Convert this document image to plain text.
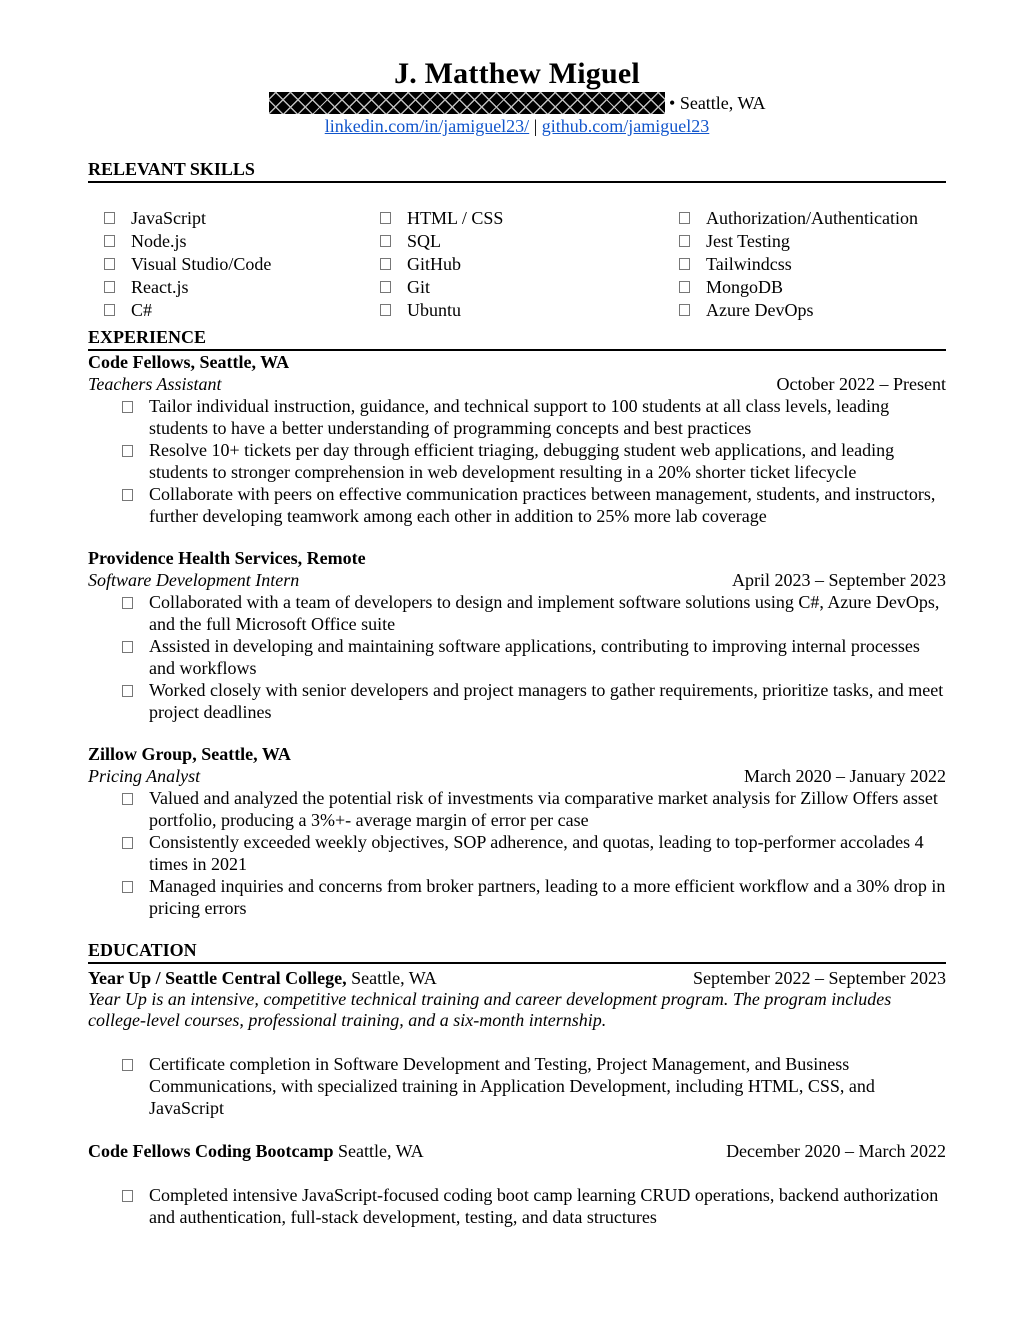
J. Matthew Miguel
• Seattle, WA
linkedin.com/in/jamiguel23/ | github.com/jamiguel23
RELEVANT SKILLS
JavaScript
Node.js
Visual Studio/Code
React.js
C#
HTML / CSS
SQL
GitHub
Git
Ubuntu
Authorization/Authentication
Jest Testing
Tailwindcss
MongoDB
Azure DevOps
EXPERIENCE
Code Fellows, Seattle, WA
Teachers Assistant	October 2022 – Present
Tailor individual instruction, guidance, and technical support to 100 students at all class levels, leading students to have a better understanding of programming concepts and best practices
Resolve 10+ tickets per day through efficient triaging, debugging student web applications, and leading students to stronger comprehension in web development resulting in a 20% shorter ticket lifecycle
Collaborate with peers on effective communication practices between management, students, and instructors, further developing teamwork among each other in addition to 25% more lab coverage
Providence Health Services, Remote
Software Development Intern	April 2023 – September 2023
Collaborated with a team of developers to design and implement software solutions using C#, Azure DevOps, and the full Microsoft Office suite
Assisted in developing and maintaining software applications, contributing to improving internal processes and workflows
Worked closely with senior developers and project managers to gather requirements, prioritize tasks, and meet project deadlines
Zillow Group, Seattle, WA
Pricing Analyst	March 2020 – January 2022
Valued and analyzed the potential risk of investments via comparative market analysis for Zillow Offers asset portfolio, producing a 3%+- average margin of error per case
Consistently exceeded weekly objectives, SOP adherence, and quotas, leading to top-performer accolades 4 times in 2021
Managed inquiries and concerns from broker partners, leading to a more efficient workflow and a 30% drop in pricing errors
EDUCATION
Year Up / Seattle Central College, Seattle, WA	September 2022 – September 2023
Year Up is an intensive, competitive technical training and career development program. The program includes college-level courses, professional training, and a six-month internship.
Certificate completion in Software Development and Testing, Project Management, and Business Communications, with specialized training in Application Development, including HTML, CSS, and JavaScript
Code Fellows Coding Bootcamp Seattle, WA	December 2020 – March 2022
Completed intensive JavaScript-focused coding boot camp learning CRUD operations, backend authorization and authentication, full-stack development, testing, and data structures
